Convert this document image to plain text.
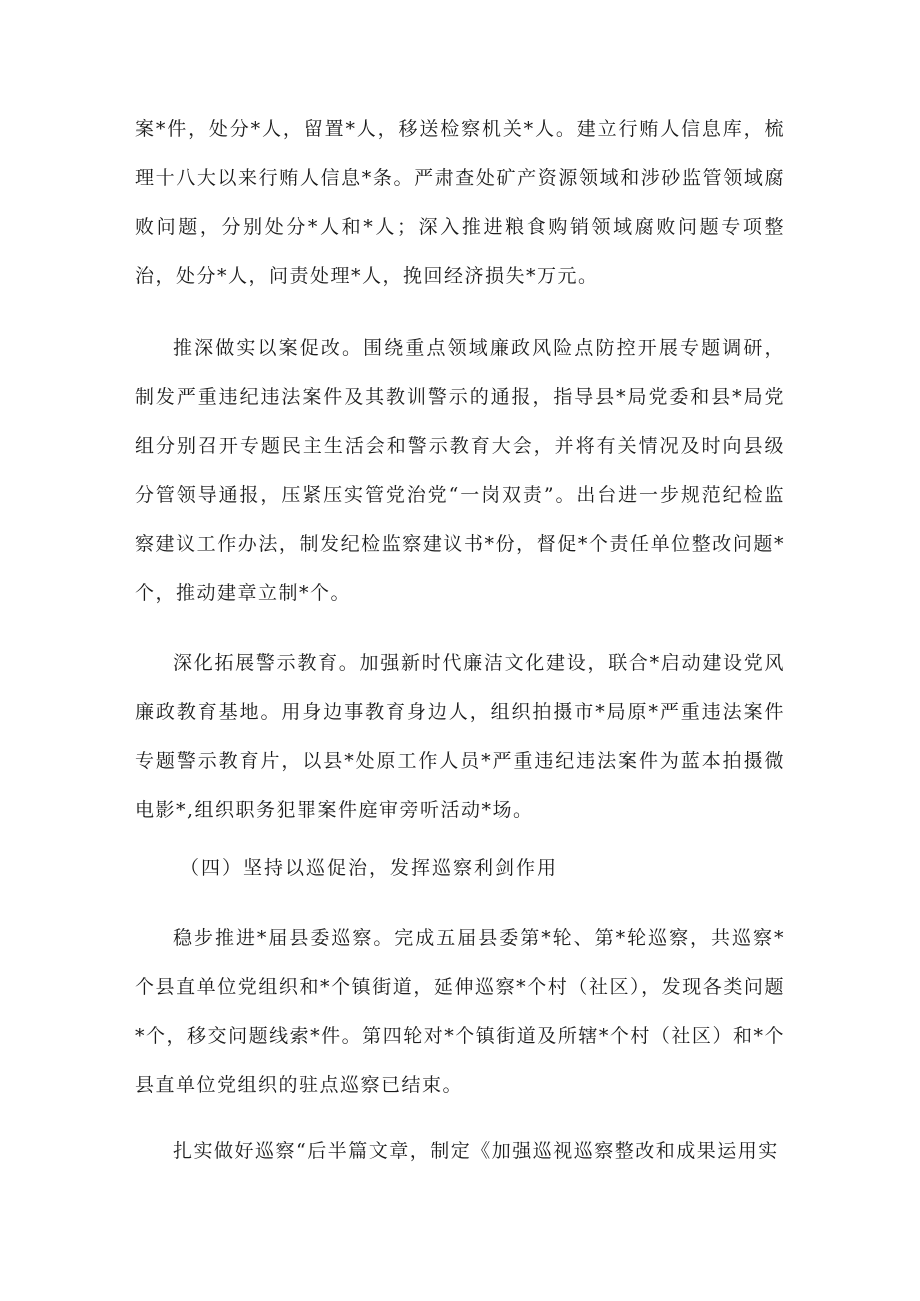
案*件，处分*人，留置*人，移送检察机关*人。建立行贿人信息库，梳理十八大以来行贿人信息*条。严肃查处矿产资源领域和涉砂监管领域腐败问题，分别处分*人和*人；深入推进粮食购销领域腐败问题专项整治，处分*人，问责处理*人，挽回经济损失*万元。

推深做实以案促改。围绕重点领域廉政风险点防控开展专题调研，制发严重违纪违法案件及其教训警示的通报，指导县*局党委和县*局党组分别召开专题民主生活会和警示教育大会，并将有关情况及时向县级分管领导通报，压紧压实管党治党“一岗双责”。出台进一步规范纪检监察建议工作办法，制发纪检监察建议书*份，督促*个责任单位整改问题*个，推动建章立制*个。

深化拓展警示教育。加强新时代廉洁文化建设，联合*启动建设党风廉政教育基地。用身边事教育身边人，组织拍摄市*局原*严重违法案件专题警示教育片，以县*处原工作人员*严重违纪违法案件为蓝本拍摄微电影*,组织职务犯罪案件庭审旁听活动*场。

（四）坚持以巡促治，发挥巡察利剑作用

稳步推进*届县委巡察。完成五届县委第*轮、第*轮巡察，共巡察*个县直单位党组织和*个镇街道，延伸巡察*个村（社区），发现各类问题*个，移交问题线索*件。第四轮对*个镇街道及所辖*个村（社区）和*个县直单位党组织的驻点巡察已结束。

扎实做好巡察“后半篇文章，制定《加强巡视巡察整改和成果运用实
